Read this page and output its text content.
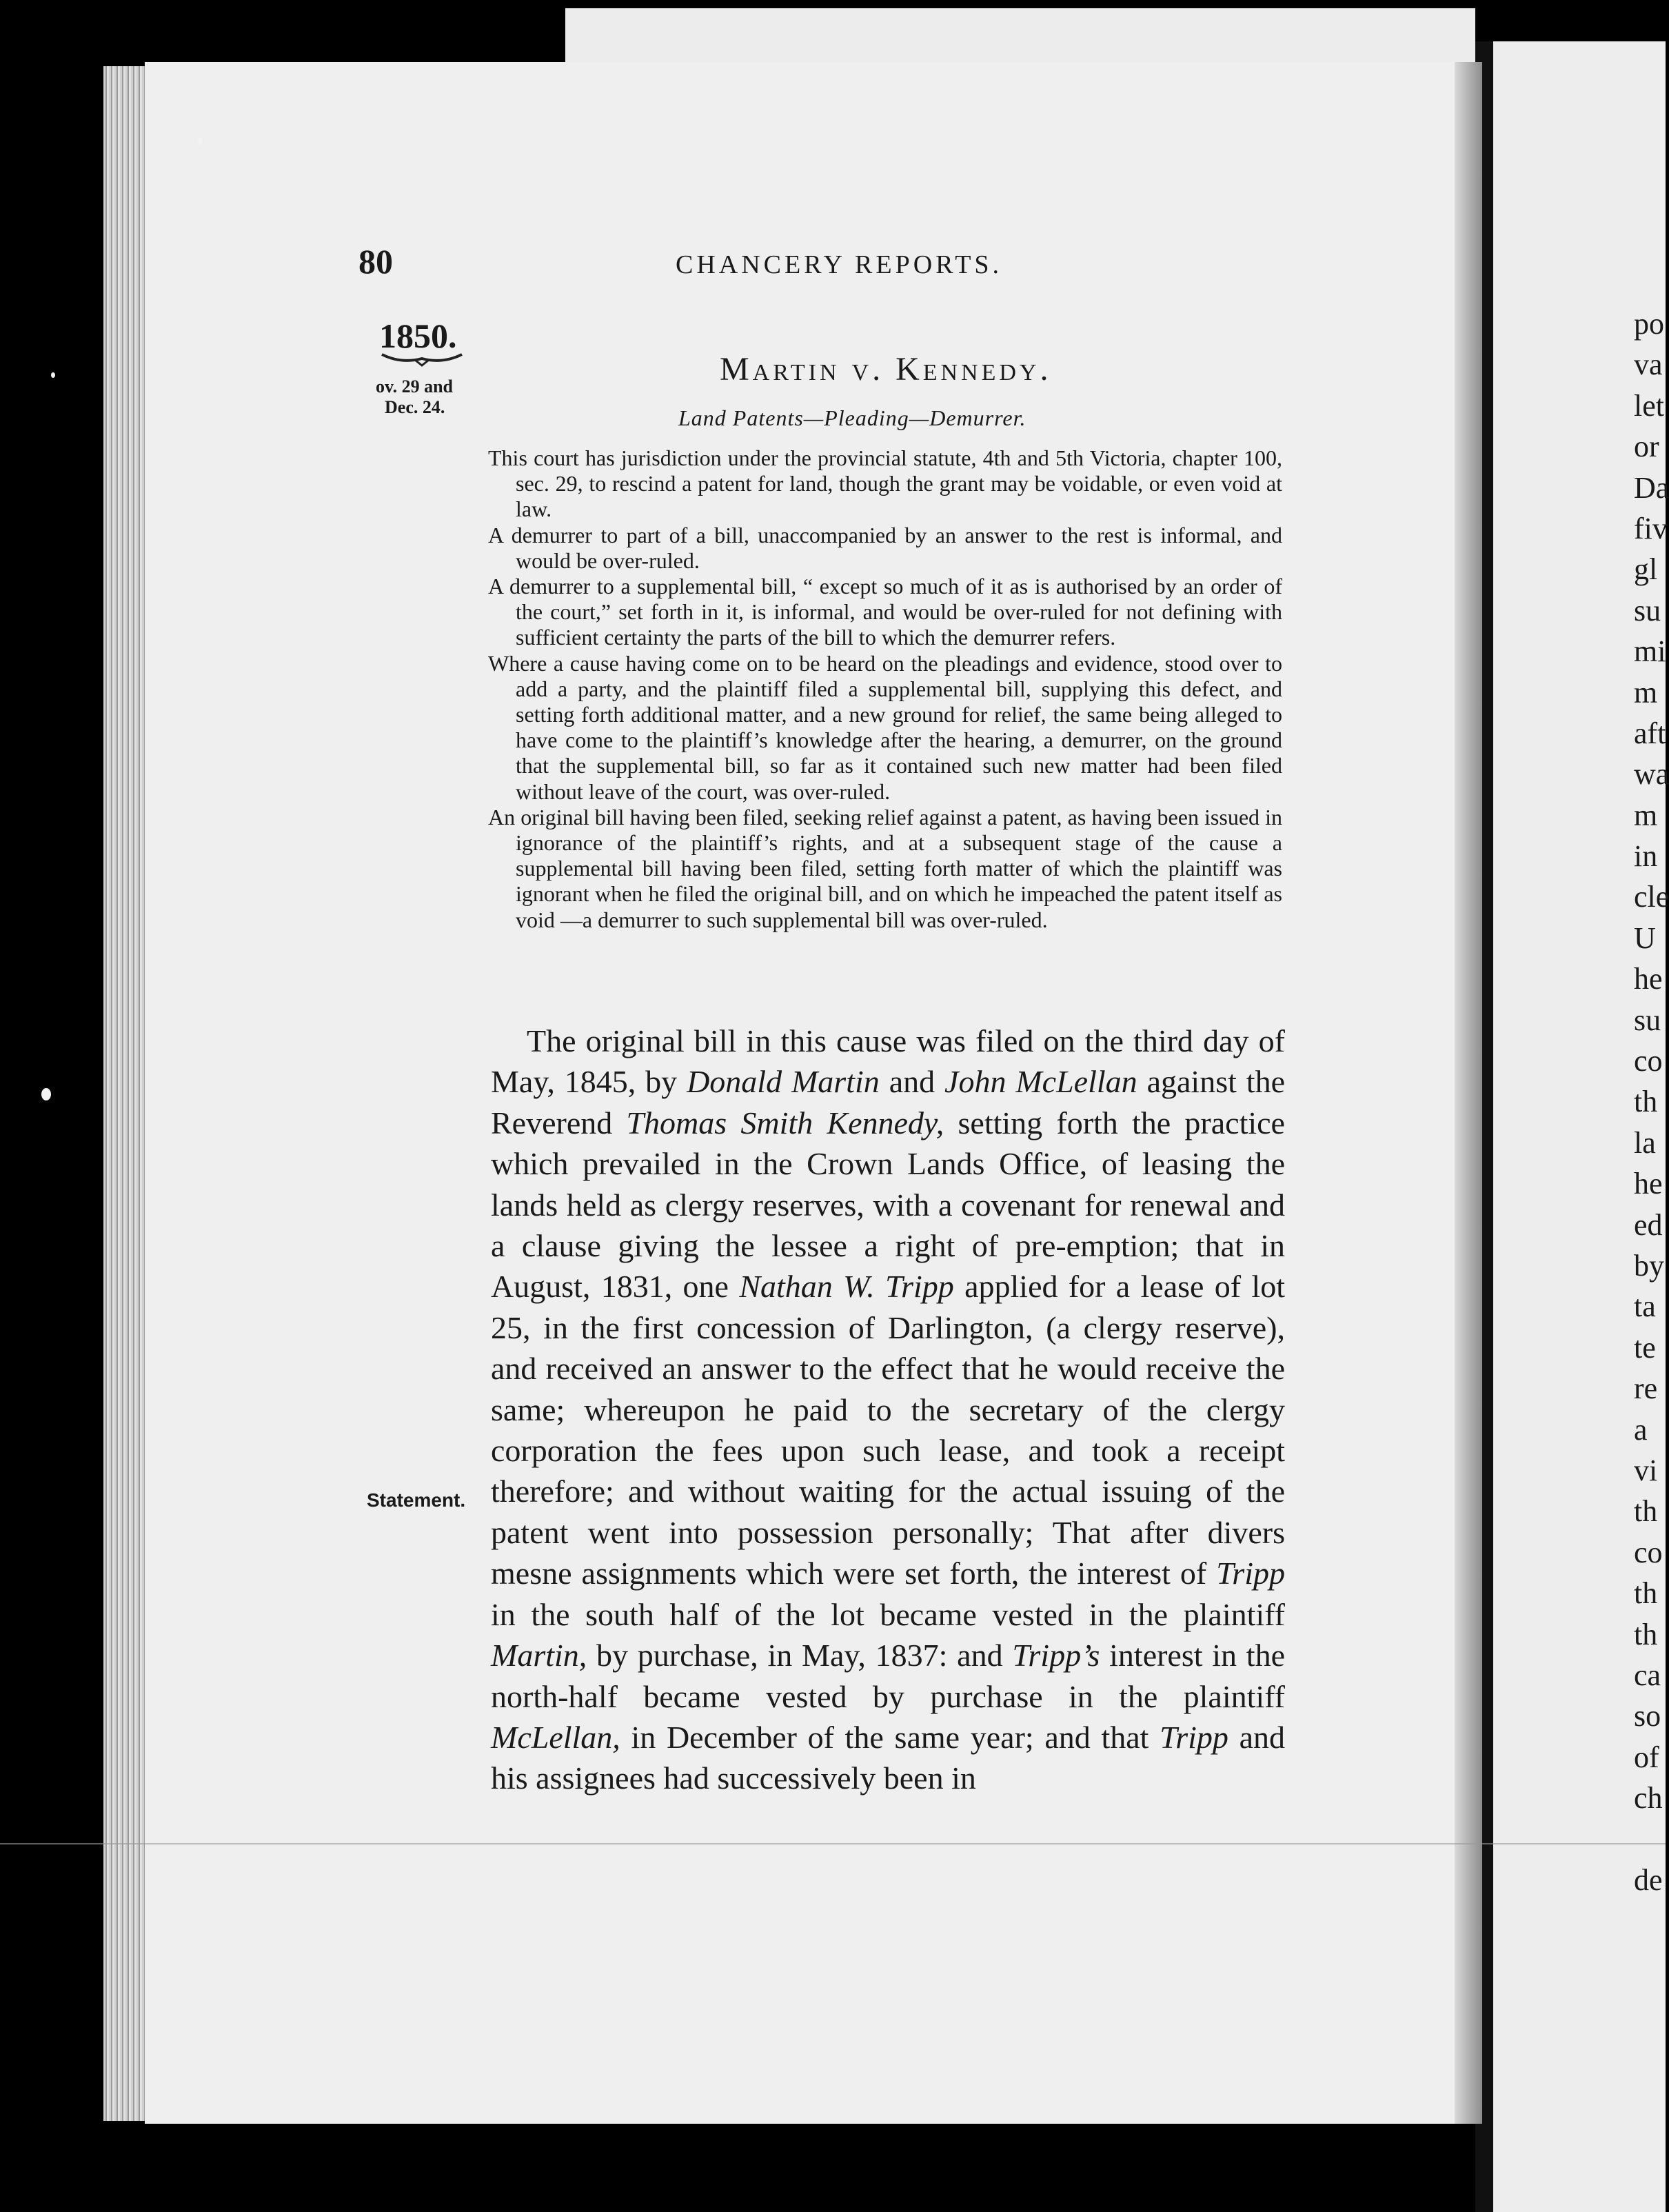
80	CHANCERY REPORTS.
1850.
ov. 29 and
Dec. 24.
Martin v. Kennedy.
Land Patents—Pleading—Demurrer.

This court has jurisdiction under the provincial statute, 4th and 5th Victoria, chapter 100, sec. 29, to rescind a patent for land, though the grant may be voidable, or even void at law.

A demurrer to part of a bill, unaccompanied by an answer to the rest is informal, and would be over-ruled.

A demurrer to a supplemental bill, “ except so much of it as is authorised by an order of the court,” set forth in it, is informal, and would be over-ruled for not defining with sufficient certainty the parts of the bill to which the demurrer refers.

Where a cause having come on to be heard on the pleadings and evidence, stood over to add a party, and the plaintiff filed a supplemental bill, supplying this defect, and setting forth additional matter, and a new ground for relief, the same being alleged to have come to the plaintiff’s knowledge after the hearing, a demurrer, on the ground that the supplemental bill, so far as it contained such new matter had been filed without leave of the court, was over-ruled.

An original bill having been filed, seeking relief against a patent, as having been issued in ignorance of the plaintiff’s rights, and at a subsequent stage of the cause a supplemental bill having been filed, setting forth matter of which the plaintiff was ignorant when he filed the original bill, and on which he impeached the patent itself as void —a demurrer to such supplemental bill was over-ruled.

The original bill in this cause was filed on the third day of May, 1845, by Donald Martin and John McLellan against the Reverend Thomas Smith Kennedy, setting forth the practice which prevailed in the Crown Lands Office, of leasing the lands held as clergy reserves, with a covenant for renewal and a clause giving the lessee a right of pre-emption; that in August, 1831, one Nathan W. Tripp applied for a lease of lot 25, in the first concession of Darlington, (a clergy reserve), and received an answer to the effect that he would receive the same; whereupon he paid to the secretary of the clergy corporation the fees upon such lease, and took a receipt therefore; and without waiting for the actual issuing of the patent went into possession personally; That after divers mesne assignments which were set forth, the interest of Tripp in the south half of the lot became vested in the plaintiff Martin, by purchase, in May, 1837: and Tripp’s interest in the north-half became vested by purchase in the plaintiff McLellan, in December of the same year; and that Tripp and his assignees had successively been in

Statement.
po
va
let
or
Da
fiv
gl
su
mi
m
aft
wa
m
in
cle
U
he
su
co
th
la
he
ed
by
ta
te
re
a
vi
th
co
th
th
ca
so
of
ch
de
